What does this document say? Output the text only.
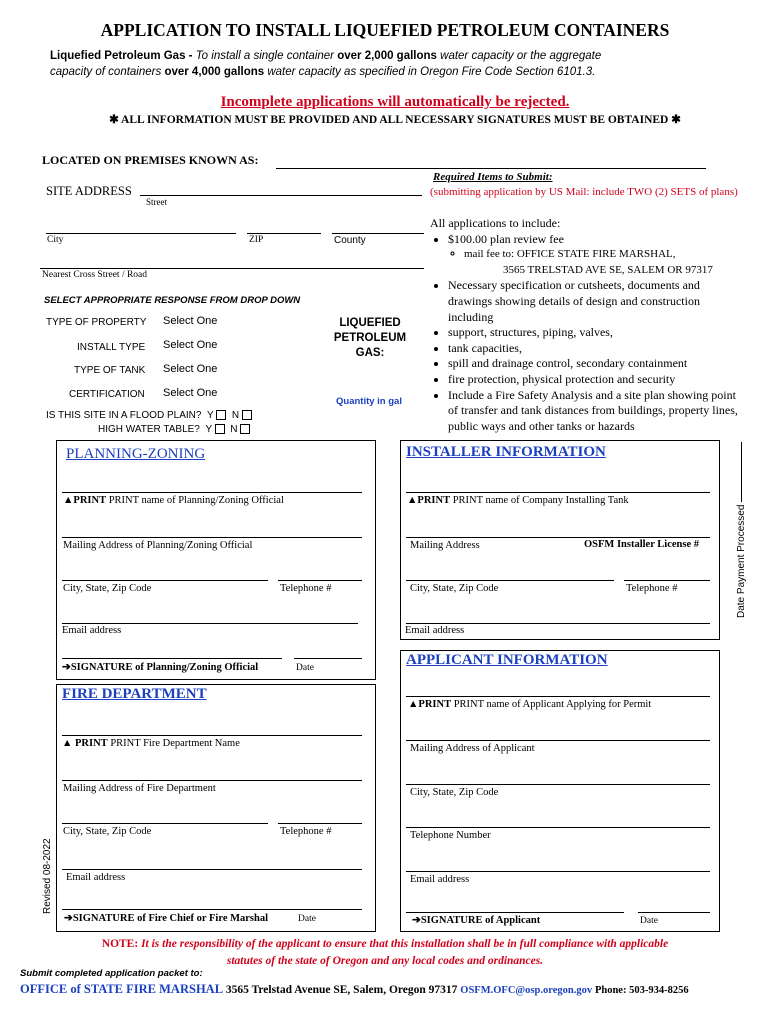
APPLICATION TO INSTALL LIQUEFIED PETROLEUM CONTAINERS
Liquefied Petroleum Gas - To install a single container over 2,000 gallons water capacity or the aggregate
capacity of containers over 4,000 gallons water capacity as specified in Oregon Fire Code Section 6101.3.
Incomplete applications will automatically be rejected.
✱ ALL INFORMATION MUST BE PROVIDED AND ALL NECESSARY SIGNATURES MUST BE OBTAINED ✱
LOCATED ON PREMISES KNOWN AS:
SITE ADDRESS
Street
City	ZIP	County
Nearest Cross Street / Road
Required Items to Submit:
(submitting application by US Mail: include TWO (2) SETS of plans)
All applications to include:
• $100.00 plan review fee
◦ mail fee to: OFFICE STATE FIRE MARSHAL,
3565 TRELSTAD AVE SE, SALEM OR 97317
• Necessary specification or cutsheets, documents and drawings showing details of design and construction including
• support, structures, piping, valves,
• tank capacities,
• spill and drainage control, secondary containment
• fire protection, physical protection and security
• Include a Fire Safety Analysis and a site plan showing point of transfer and tank distances from buildings, property lines, public ways and other tanks or hazards
SELECT APPROPRIATE RESPONSE FROM DROP DOWN
TYPE OF PROPERTY Select One
INSTALL TYPE Select One
TYPE OF TANK Select One
CERTIFICATION Select One
LIQUEFIED PETROLEUM GAS:
Quantity in gal
IS THIS SITE IN A FLOOD PLAIN? Y N
HIGH WATER TABLE? Y N
PLANNING-ZONING
▲PRINT PRINT name of Planning/Zoning Official
Mailing Address of Planning/Zoning Official
City, State, Zip Code	Telephone #
Email address
➔SIGNATURE of Planning/Zoning Official	Date
INSTALLER INFORMATION
▲PRINT PRINT name of Company Installing Tank
Mailing Address	OSFM Installer License #
City, State, Zip Code	Telephone #
Email address
Date Payment Processed
FIRE DEPARTMENT
▲ PRINT PRINT Fire Department Name
Mailing Address of Fire Department
City, State, Zip Code	Telephone #
Email address
➔SIGNATURE of Fire Chief or Fire Marshal	Date
Revised 08-2022
APPLICANT INFORMATION
▲PRINT PRINT name of Applicant Applying for Permit
Mailing Address of Applicant
City, State, Zip Code
Telephone Number
Email address
➔SIGNATURE of Applicant	Date
NOTE: It is the responsibility of the applicant to ensure that this installation shall be in full compliance with applicable
statutes of the state of Oregon and any local codes and ordinances.
Submit completed application packet to:
OFFICE of STATE FIRE MARSHAL 3565 Trelstad Avenue SE, Salem, Oregon 97317 OSFM.OFC@osp.oregon.gov Phone: 503-934-8256
